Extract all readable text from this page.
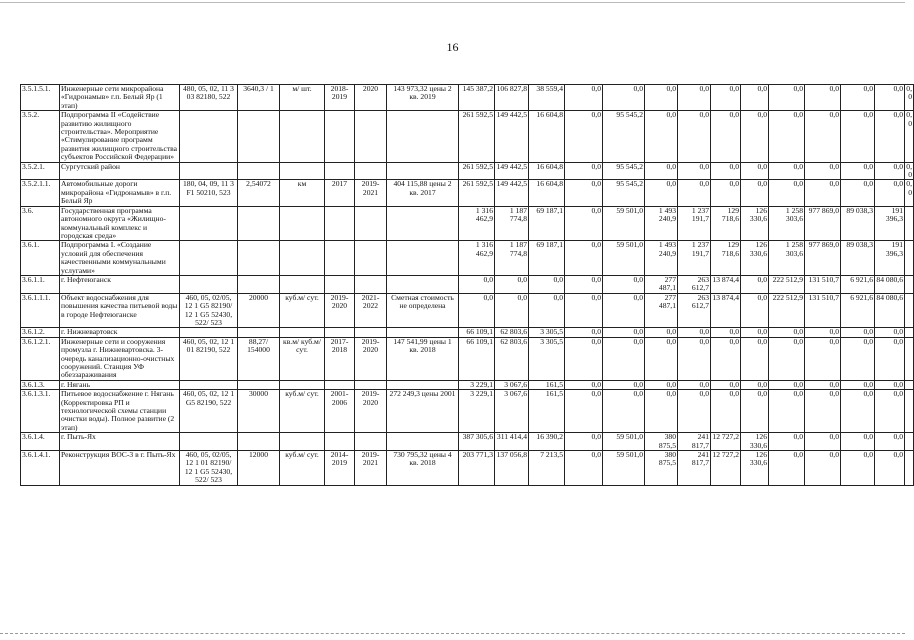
16
3.5.1.5.1.	Инженерные сети микрорайона «Гидронамыв» г.п. Белый Яр (1 этап)	480, 05, 02, 11 3 03 82180, 522	3640,3 / 1	м/ шт.	2018-2019	2020	143 973,32 цены 2 кв. 2019	145 387,2	106 827,8	38 559,4	0,0	0,0	0,0	0,0	0,0	0,0	0,0	0,0	0,0	0,0	0,0
3.5.2.	Подпрограмма II «Содействие развитию жилищного строительства». Мероприятие «Стимулирование программ развития жилищного строительства субъектов Российской Федерации»							261 592,5	149 442,5	16 604,8	0,0	95 545,2	0,0	0,0	0,0	0,0	0,0	0,0	0,0	0,0	0,0
3.5.2.1.	Сургутский район							261 592,5	149 442,5	16 604,8	0,0	95 545,2	0,0	0,0	0,0	0,0	0,0	0,0	0,0	0,0	0,0
3.5.2.1.1.	Автомобильные дороги микрорайона «Гидронамыв» в г.п. Белый Яр	180, 04, 09, 11 3 F1 50210, 523	2,54072	км	2017	2019-2021	404 115,88 цены 2 кв. 2017	261 592,5	149 442,5	16 604,8	0,0	95 545,2	0,0	0,0	0,0	0,0	0,0	0,0	0,0	0,0	0,0
3.6.	Государственная программа автономного округа «Жилищно-коммунальный комплекс и городская среда»							1 316 462,9	1 187 774,8	69 187,1	0,0	59 501,0	1 493 240,9	1 237 191,7	129 718,6	126 330,6	1 258 303,6	977 869,0	89 038,3	191 396,3	
3.6.1.	Подпрограмма I. «Создание условий для обеспечения качественными коммунальными услугами»							1 316 462,9	1 187 774,8	69 187,1	0,0	59 501,0	1 493 240,9	1 237 191,7	129 718,6	126 330,6	1 258 303,6	977 869,0	89 038,3	191 396,3	
3.6.1.1.	г. Нефтеюганск							0,0	0,0	0,0	0,0	0,0	277 487,1	263 612,7	13 874,4	0,0	222 512,9	131 510,7	6 921,6	84 080,6	
3.6.1.1.1.	Объект водоснабжения для повышения качества питьевой воды в городе Нефтеюганске	460, 05, 02/05, 12 1 G5 82190/ 12 1 G5 52430, 522/ 523	20000	куб.м/ сут.	2019-2020	2021-2022	Сметная стоимость не определена	0,0	0,0	0,0	0,0	0,0	277 487,1	263 612,7	13 874,4	0,0	222 512,9	131 510,7	6 921,6	84 080,6	
3.6.1.2.	г. Нижневартовск							66 109,1	62 803,6	3 305,5	0,0	0,0	0,0	0,0	0,0	0,0	0,0	0,0	0,0	0,0	
3.6.1.2.1.	Инженерные сети и сооружения промузла г. Нижневартовска. 3-очередь канализационно-очистных сооружений. Станция УФ обеззараживания	460, 05, 02, 12 1 01 82190, 522	88,27/ 154000	кв.м/ куб.м/ сут.	2017-2018	2019-2020	147 541,99 цены 1 кв. 2018	66 109,1	62 803,6	3 305,5	0,0	0,0	0,0	0,0	0,0	0,0	0,0	0,0	0,0	0,0	
3.6.1.3.	г. Нягань							3 229,1	3 067,6	161,5	0,0	0,0	0,0	0,0	0,0	0,0	0,0	0,0	0,0	0,0	
3.6.1.3.1.	Питьевое водоснабжение г. Нягань (Корректировка РП и технологической схемы станции очистки воды). Полное развитие (2 этап)	460, 05, 02, 12 1 G5 82190, 522	30000	куб.м/ сут.	2001-2006	2019-2020	272 249,3 цены 2001	3 229,1	3 067,6	161,5	0,0	0,0	0,0	0,0	0,0	0,0	0,0	0,0	0,0	0,0	
3.6.1.4.	г. Пыть-Ях							387 305,6	311 414,4	16 390,2	0,0	59 501,0	380 875,5	241 817,7	12 727,2	126 330,6	0,0	0,0	0,0	0,0	
3.6.1.4.1.	Реконструкция ВОС-3 в г. Пыть-Ях	460, 05, 02/05, 12 1 01 82190/ 12 1 G5 52430, 522/ 523	12000	куб.м/ сут.	2014-2019	2019-2021	730 795,32 цены 4 кв. 2018	203 771,3	137 056,8	7 213,5	0,0	59 501,0	380 875,5	241 817,7	12 727,2	126 330,6	0,0	0,0	0,0	0,0	
